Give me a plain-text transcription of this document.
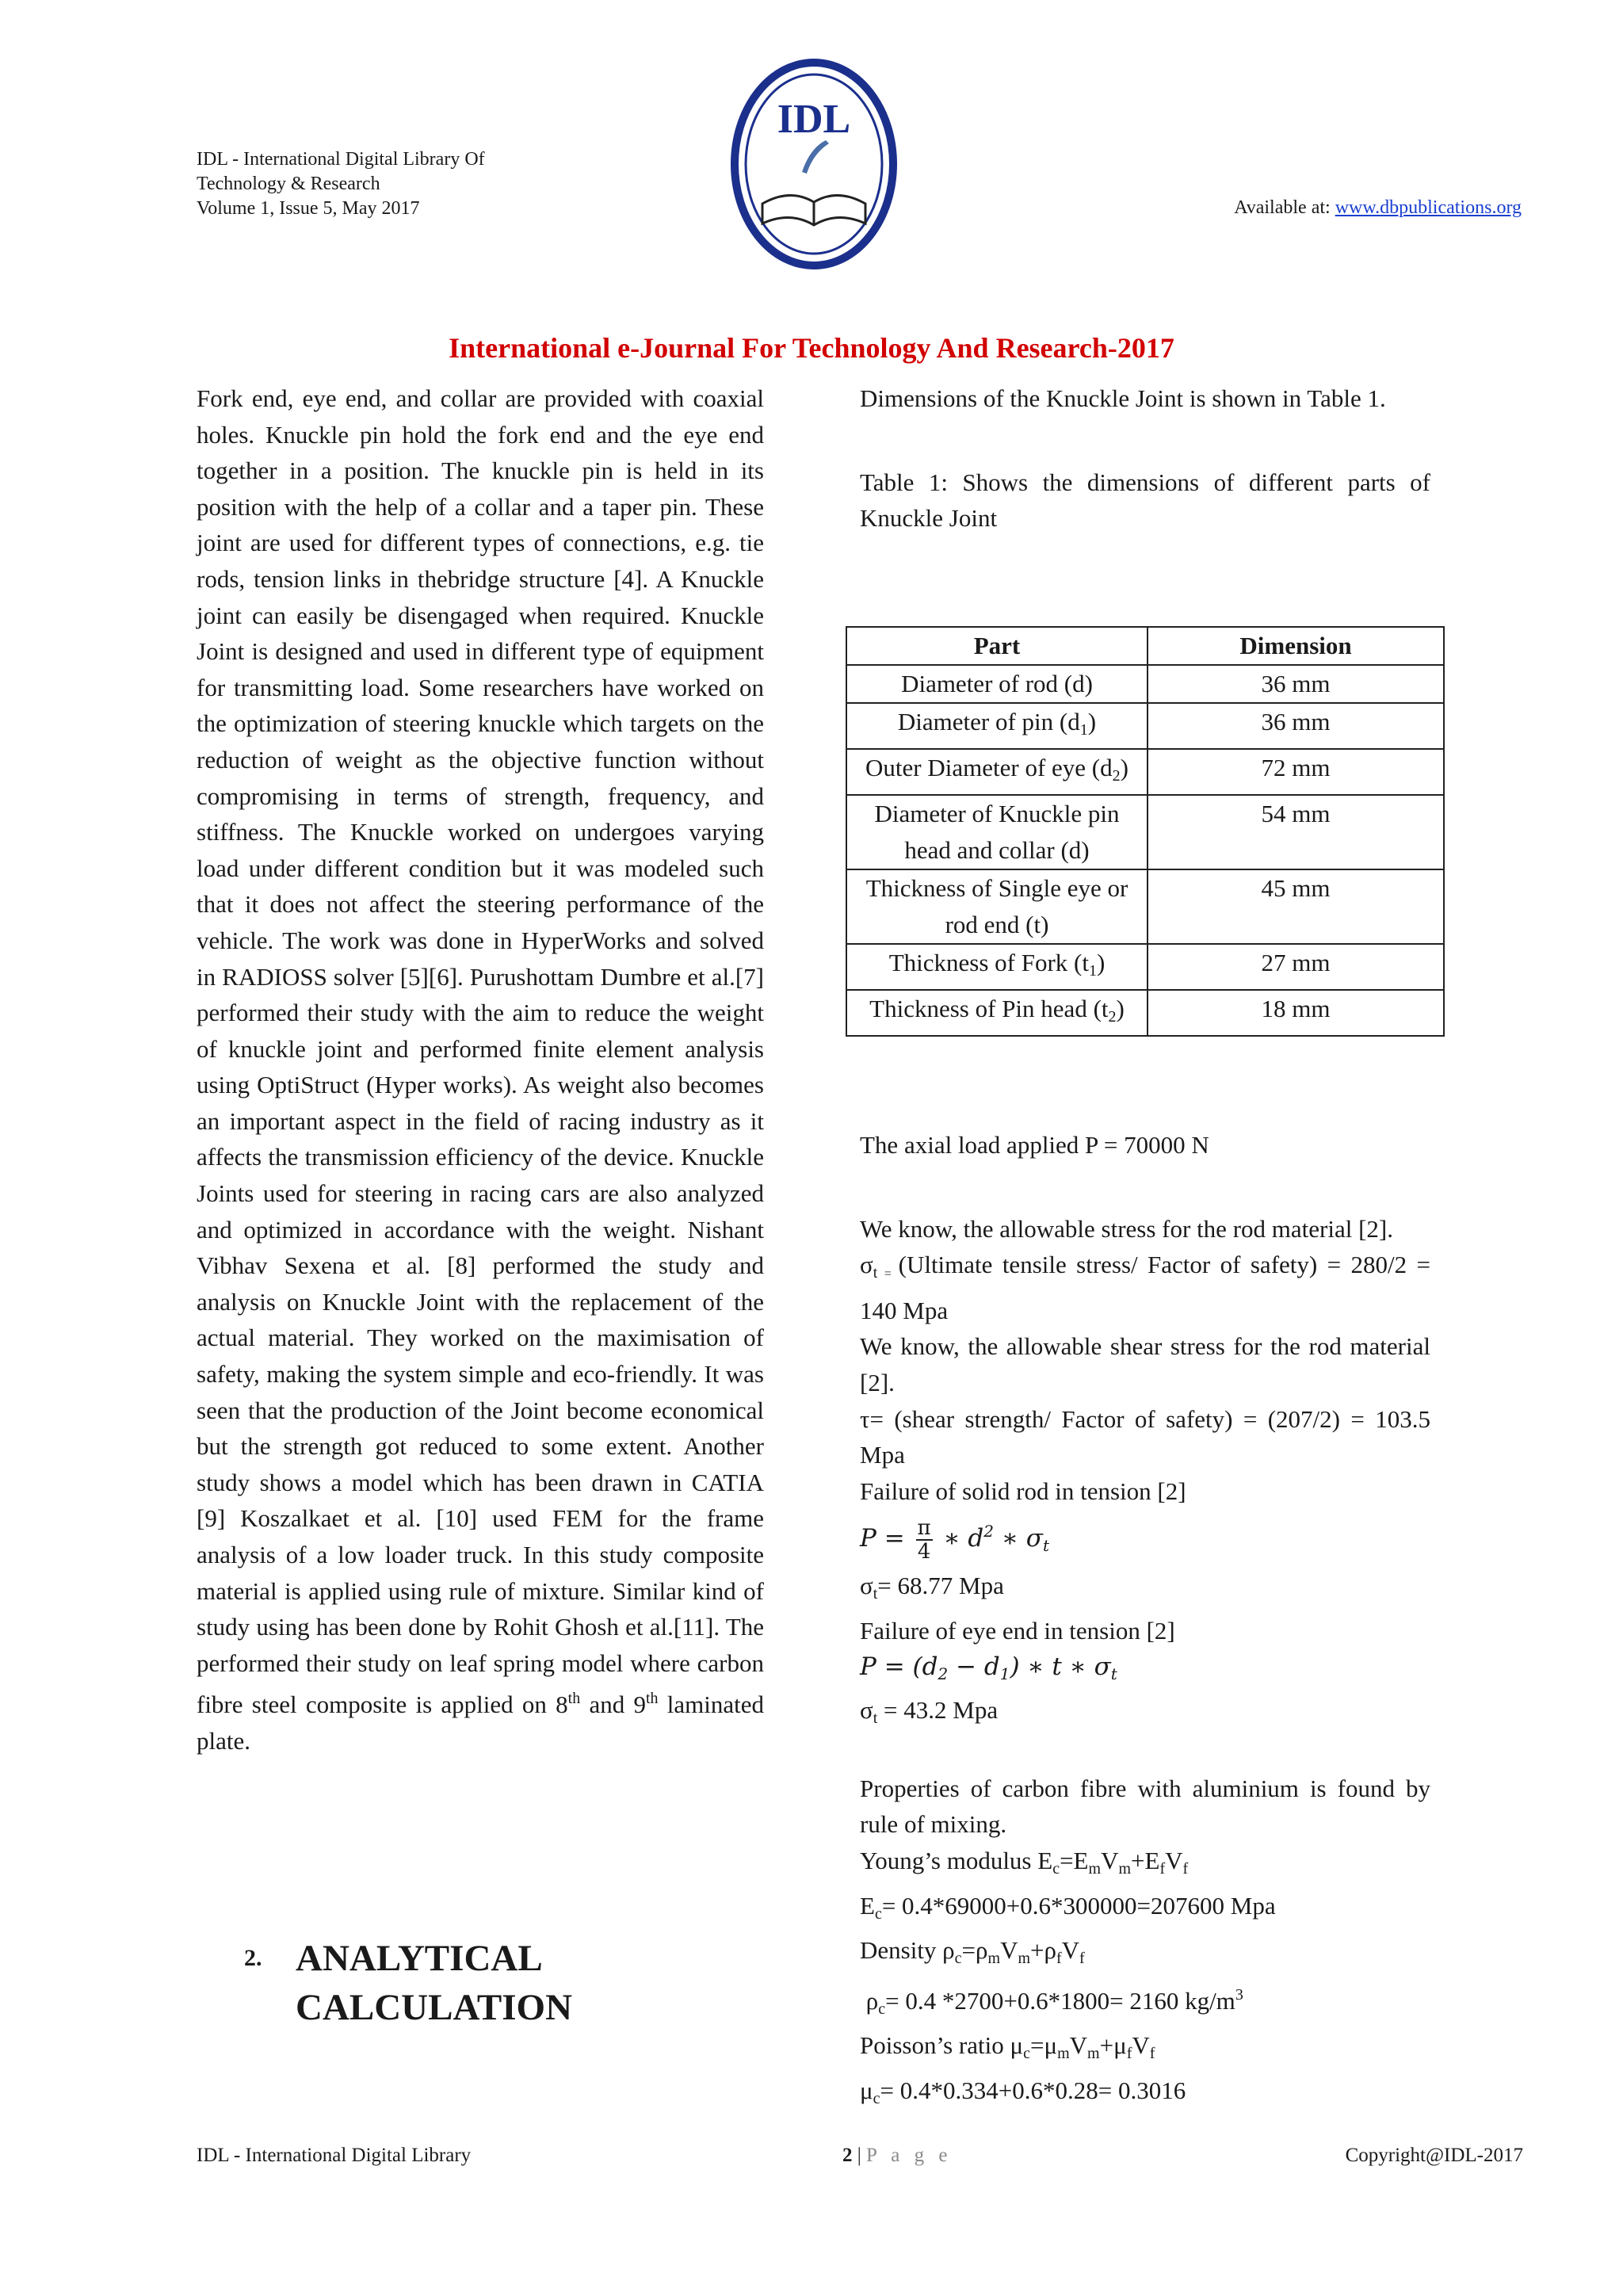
IDL - International Digital Library Of
Technology & Research
Volume 1, Issue 5, May 2017
IDL
Available at: www.dbpublications.org
International e-Journal For Technology And Research-2017

Fork end, eye end, and collar are provided with coaxial holes. Knuckle pin hold the fork end and the eye end together in a position. The knuckle pin is held in its position with the help of a collar and a taper pin. These joint are used for different types of connections, e.g. tie rods, tension links in thebridge structure [4]. A Knuckle joint can easily be disengaged when required. Knuckle Joint is designed and used in different type of equipment for transmitting load. Some researchers have worked on the optimization of steering knuckle which targets on the reduction of weight as the objective function without compromising in terms of strength, frequency, and stiffness. The Knuckle worked on undergoes varying load under different condition but it was modeled such that it does not affect the steering performance of the vehicle. The work was done in HyperWorks and solved in RADIOSS solver [5][6]. Purushottam Dumbre et al.[7] performed their study with the aim to reduce the weight of knuckle joint and performed finite element analysis using OptiStruct (Hyper works). As weight also becomes an important aspect in the field of racing industry as it affects the transmission efficiency of the device. Knuckle Joints used for steering in racing cars are also analyzed and optimized in accordance with the weight. Nishant Vibhav Sexena et al. [8] performed the study and analysis on Knuckle Joint with the replacement of the actual material. They worked on the maximisation of safety, making the system simple and eco-friendly. It was seen that the production of the Joint become economical but the strength got reduced to some extent. Another study shows a model which has been drawn in CATIA [9] Koszalkaet et al. [10] used FEM for the frame analysis of a low loader truck. In this study composite material is applied using rule of mixture. Similar kind of study using has been done by Rohit Ghosh et al.[11]. The performed their study on leaf spring model where carbon fibre steel composite is applied on 8th and 9th laminated plate.

2. ANALYTICAL CALCULATION

Dimensions of the Knuckle Joint is shown in Table 1.

Table 1: Shows the dimensions of different parts of Knuckle Joint

Part	Dimension
Diameter of rod (d)	36 mm
Diameter of pin $(d_1)$	36 mm
Outer Diameter of eye $(d_2)$	72 mm
Diameter of Knuckle pin head and collar (d)	54 mm
Thickness of Single eye or rod end (t)	45 mm
Thickness of Fork $(t_1)$	27 mm
Thickness of Pin head $(t_2)$	18 mm

The axial load applied P = 70000 N

We know, the allowable stress for the rod material [2].

$\sigma_t$ $_=$ (Ultimate tensile stress/ Factor of safety) = 280/2 = 140 Mpa

We know, the allowable shear stress for the rod material [2].

τ= (shear strength/ Factor of safety) = (207/2) = 103.5 Mpa

Failure of solid rod in tension [2]

$P = \frac{\pi}{4}$ ∗ $d^2$ ∗ $\sigma_t$

$\sigma_t= 68.77$ Mpa

Failure of eye end in tension [2]

$P = (d_2 - d_1)$ ∗ t ∗ $\sigma_t$

$\sigma_t = 43.2$ Mpa

Properties of carbon fibre with aluminium is found by rule of mixing.

Young’s modulus $E_c=E_mV_m+E_fV_f$

$E_c= 0.4*69000+0.6*300000=207600$ Mpa

Density $\rho_c=\rho_mV_m+\rho_fV_f$

$\rho_c= 0.4$ *2700+0.6*1800= 2160 $kg/m^3$

Poisson’s ratio $\mu_c=\mu_mV_m+\mu_fV_f$

$\mu_c= 0.4*0.334+0.6*0.28= 0.3016$

IDL - International Digital Library	2 | P a g e	Copyright@IDL-2017
